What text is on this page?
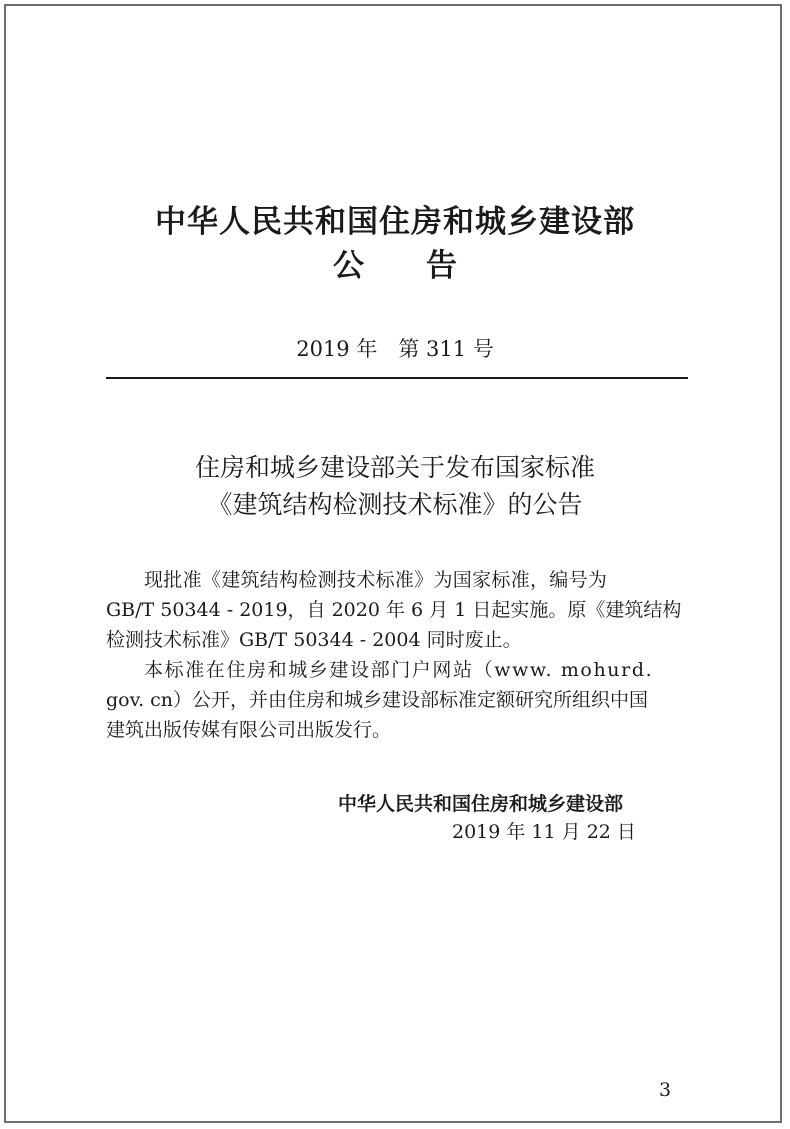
中华人民共和国住房和城乡建设部
公 告
2019 年　第 311 号
住房和城乡建设部关于发布国家标准
《建筑结构检测技术标准》的公告
现批准《建筑结构检测技术标准》为国家标准，编号为
GB/T 50344 - 2019，自 2020 年 6 月 1 日起实施。原《建筑结构
检测技术标准》GB/T 50344 - 2004 同时废止。
本标准在住房和城乡建设部门户网站（www. mohurd.
gov. cn）公开，并由住房和城乡建设部标准定额研究所组织中国
建筑出版传媒有限公司出版发行。
中华人民共和国住房和城乡建设部
2019 年 11 月 22 日
3
